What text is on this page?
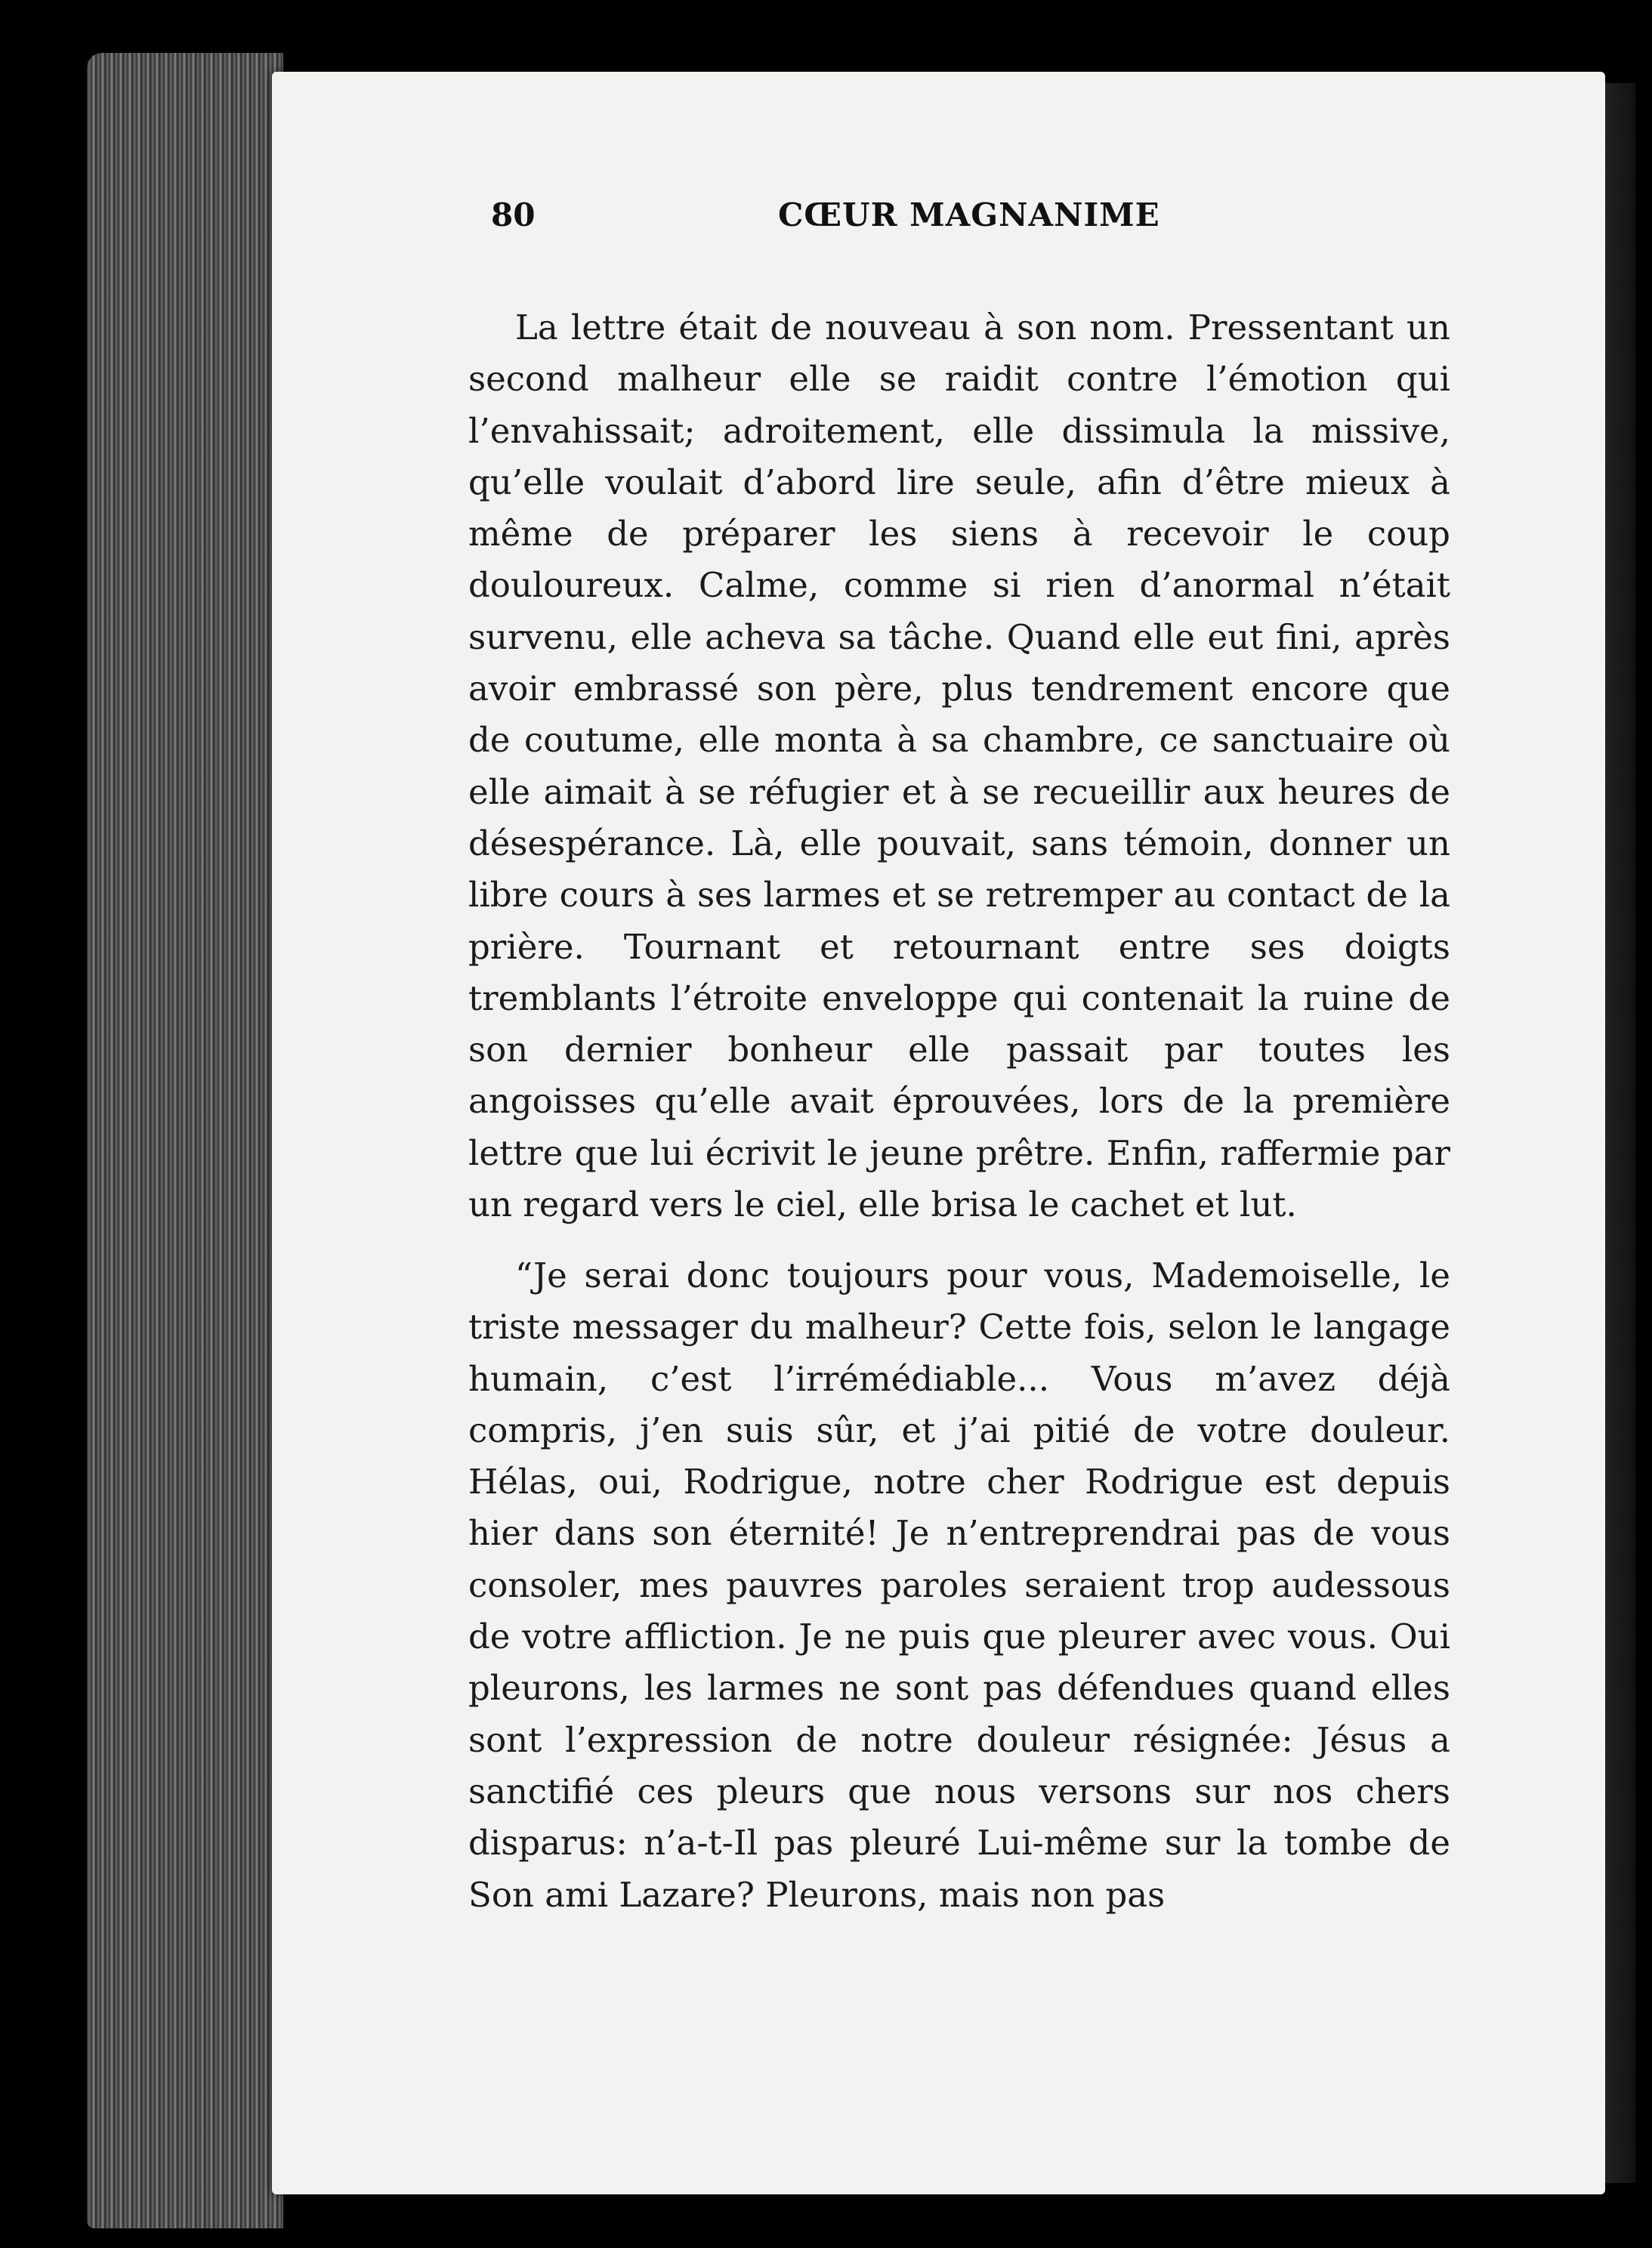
80	CŒUR MAGNANIME
La lettre était de nouveau à son nom. Pressentant un second malheur elle se raidit contre l’émotion qui l’envahissait; adroitement, elle dissimula la missive, qu’elle voulait d’abord lire seule, afin d’être mieux à même de préparer les siens à recevoir le coup douloureux. Calme, comme si rien d’anormal n’était survenu, elle acheva sa tâche. Quand elle eut fini, après avoir embrassé son père, plus tendrement encore que de coutume, elle monta à sa chambre, ce sanctuaire où elle aimait à se réfugier et à se recueillir aux heures de désespérance. Là, elle pouvait, sans témoin, donner un libre cours à ses larmes et se retremper au contact de la prière. Tournant et retournant entre ses doigts tremblants l’étroite enveloppe qui contenait la ruine de son dernier bonheur elle passait par toutes les angoisses qu’elle avait éprouvées, lors de la première lettre que lui écrivit le jeune prêtre. Enfin, raffermie par un regard vers le ciel, elle brisa le cachet et lut.
“Je serai donc toujours pour vous, Mademoiselle, le triste messager du malheur? Cette fois, selon le langage humain, c’est l’irrémédiable... Vous m’avez déjà compris, j’en suis sûr, et j’ai pitié de votre douleur. Hélas, oui, Rodrigue, notre cher Rodrigue est depuis hier dans son éternité! Je n’entreprendrai pas de vous consoler, mes pauvres paroles seraient trop audessous de votre affliction. Je ne puis que pleurer avec vous. Oui pleurons, les larmes ne sont pas défendues quand elles sont l’expression de notre douleur résignée: Jésus a sanctifié ces pleurs que nous versons sur nos chers disparus: n’a-t-Il pas pleuré Lui-même sur la tombe de Son ami Lazare? Pleurons, mais non pas
